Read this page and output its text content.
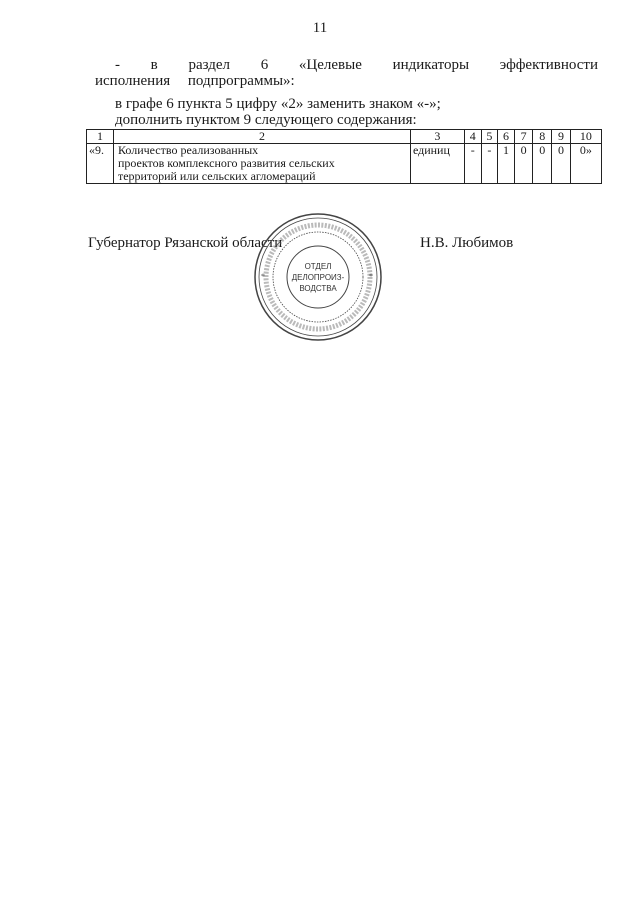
11
- в раздел 6 «Целевые индикаторы эффективности исполнения подпрограммы»:
в графе 6 пункта 5 цифру «2» заменить знаком «-»;
дополнить пунктом 9 следующего содержания:
1	2	3	4	5	6	7	8	9	10
«9.	Количество реализованных
проектов комплексного развития сельских
территорий или сельских агломераций	единиц	-	-	1	0	0	0	0»
Губернатор Рязанской области	Н.В. Любимов
*	*
ОТДЕЛ
ДЕЛОПРОИЗ-
ВОДСТВА
